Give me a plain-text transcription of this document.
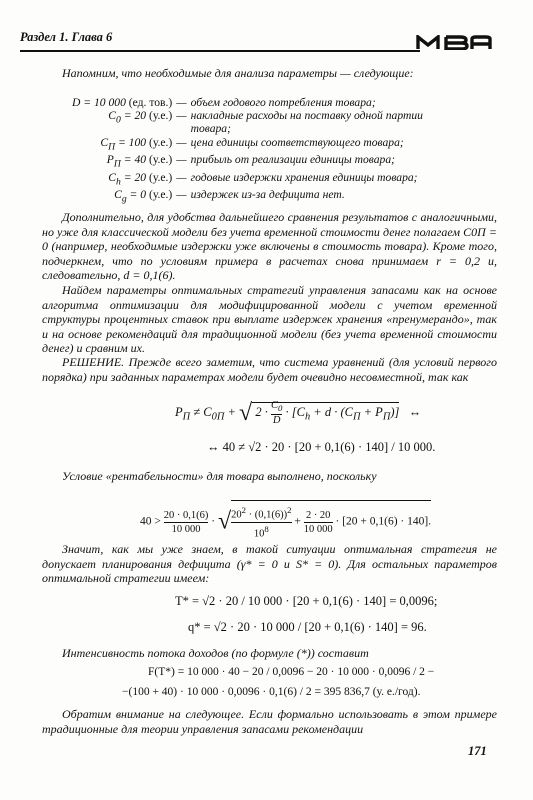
Раздел 1. Глава 6

Напомним, что необходимые для анализа параметры — следующие:

D = 10 000 (ед. тов.)	—	объем годового потребления товара;
$C_0 = 20$ (у.е.)	—	накладные расходы на поставку одной партии товара;
$C_П = 100$ (у.е.)	—	цена единицы соответствующего товара;
$P_П = 40$ (у.е.)	—	прибыль от реализации единицы товара;
$C_h = 20$ (у.е.)	—	годовые издержки хранения единицы товара;
$C_g = 0$ (у.е.)	—	издержек из-за дефицита нет.

Дополнительно, для удобства дальнейшего сравнения результатов с аналогичными, но уже для классической модели без учета временной стоимости денег полагаем C0П = 0 (например, необходимые издержки уже включены в стоимость товара). Кроме того, подчеркнем, что по условиям примера в расчетах снова принимаем r = 0,2 и, следовательно, d = 0,1(6).

Найдем параметры оптимальных стратегий управления запасами как на основе алгоритма оптимизации для модифицированной модели с учетом временной структуры процентных ставок при выплате издержек хранения «пренумерандо», так и на основе рекомендаций для традиционной модели (без учета временной стоимости денег) и сравним их.

РЕШЕНИЕ. Прежде всего заметим, что система уравнений (для условий первого порядка) при заданных параметрах модели будет очевидно несовместной, так как

$P_П \ne C_{0П}$ + √ $2 \cdot \frac{C_0}{D} \cdot [C_h + d \cdot (C_П + P_П)]$   ↔
↔ 40 ≠ √2 · 20 · [20 + 0,1(6) · 140] / 10 000.

Условие «рентабельности» для товара выполнено, поскольку

$40 > \frac{20 \cdot 0,1(6)}{10 000}$ · √ $\frac{20^2 \cdot (0,1(6))^2}{10^8} + \frac{2 \cdot 20}{10 000} \cdot [20 + 0,1(6) \cdot 140]$.

Значит, как мы уже знаем, в такой ситуации оптимальная стратегия не допускает планирования дефицита (γ* = 0 и S* = 0). Для остальных параметров оптимальной стратегии имеем:

T* = √2 · 20 / 10 000 · [20 + 0,1(6) · 140] = 0,0096;
q* = √2 · 20 · 10 000 / [20 + 0,1(6) · 140] = 96.

Интенсивность потока доходов (по формуле (*)) составит

F(T*) = 10 000 · 40 − 20 / 0,0096 − 20 · 10 000 · 0,0096 / 2 −
−(100 + 40) · 10 000 · 0,0096 · 0,1(6) / 2 = 395 836,7 (у. е./год).

Обратим внимание на следующее. Если формально использовать в этом примере традиционные для теории управления запасами рекомендации

171
